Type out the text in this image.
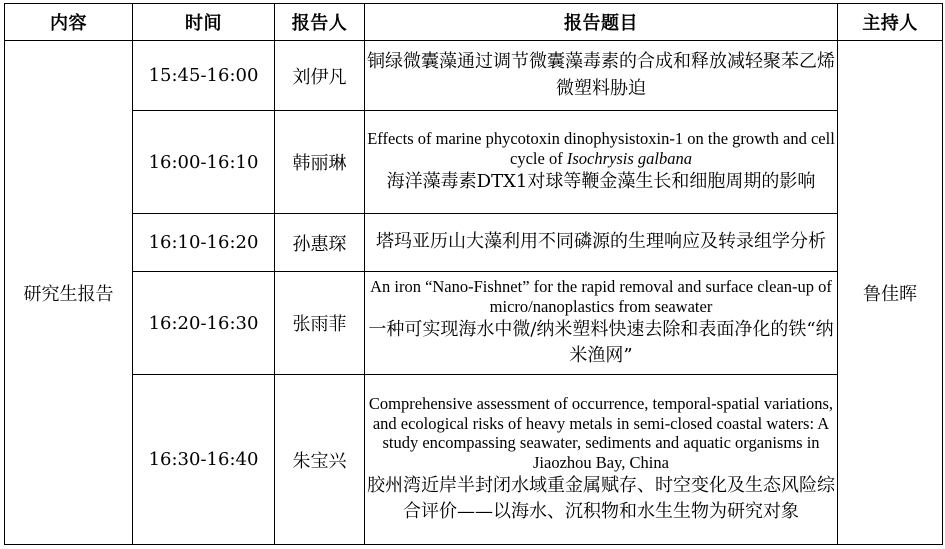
内容	时间	报告人	报告题目	主持人
研究生报告	15:45-16:00	刘伊凡	铜绿微囊藻通过调节微囊藻毒素的合成和释放减轻聚苯乙烯微塑料胁迫	鲁佳晖
	16:00-16:10	韩丽琳	Effects of marine phycotoxin dinophysistoxin-1 on the growth and cell cycle of Isochrysis galbana
海洋藻毒素DTX1对球等鞭金藻生长和细胞周期的影响	

	16:10-16:20	孙惠琛	塔玛亚历山大藻利用不同磷源的生理响应及转录组学分析	

	16:20-16:30	张雨菲	An iron “Nano-Fishnet” for the rapid removal and surface clean-up of micro/nanoplastics from seawater
一种可实现海水中微/纳米塑料快速去除和表面净化的铁“纳米渔网”	

	16:30-16:40	朱宝兴	Comprehensive assessment of occurrence, temporal-spatial variations, and ecological risks of heavy metals in semi-closed coastal waters: A study encompassing seawater, sediments and aquatic organisms in Jiaozhou Bay, China
胶州湾近岸半封闭水域重金属赋存、时空变化及生态风险综合评价——以海水、沉积物和水生生物为研究对象	
